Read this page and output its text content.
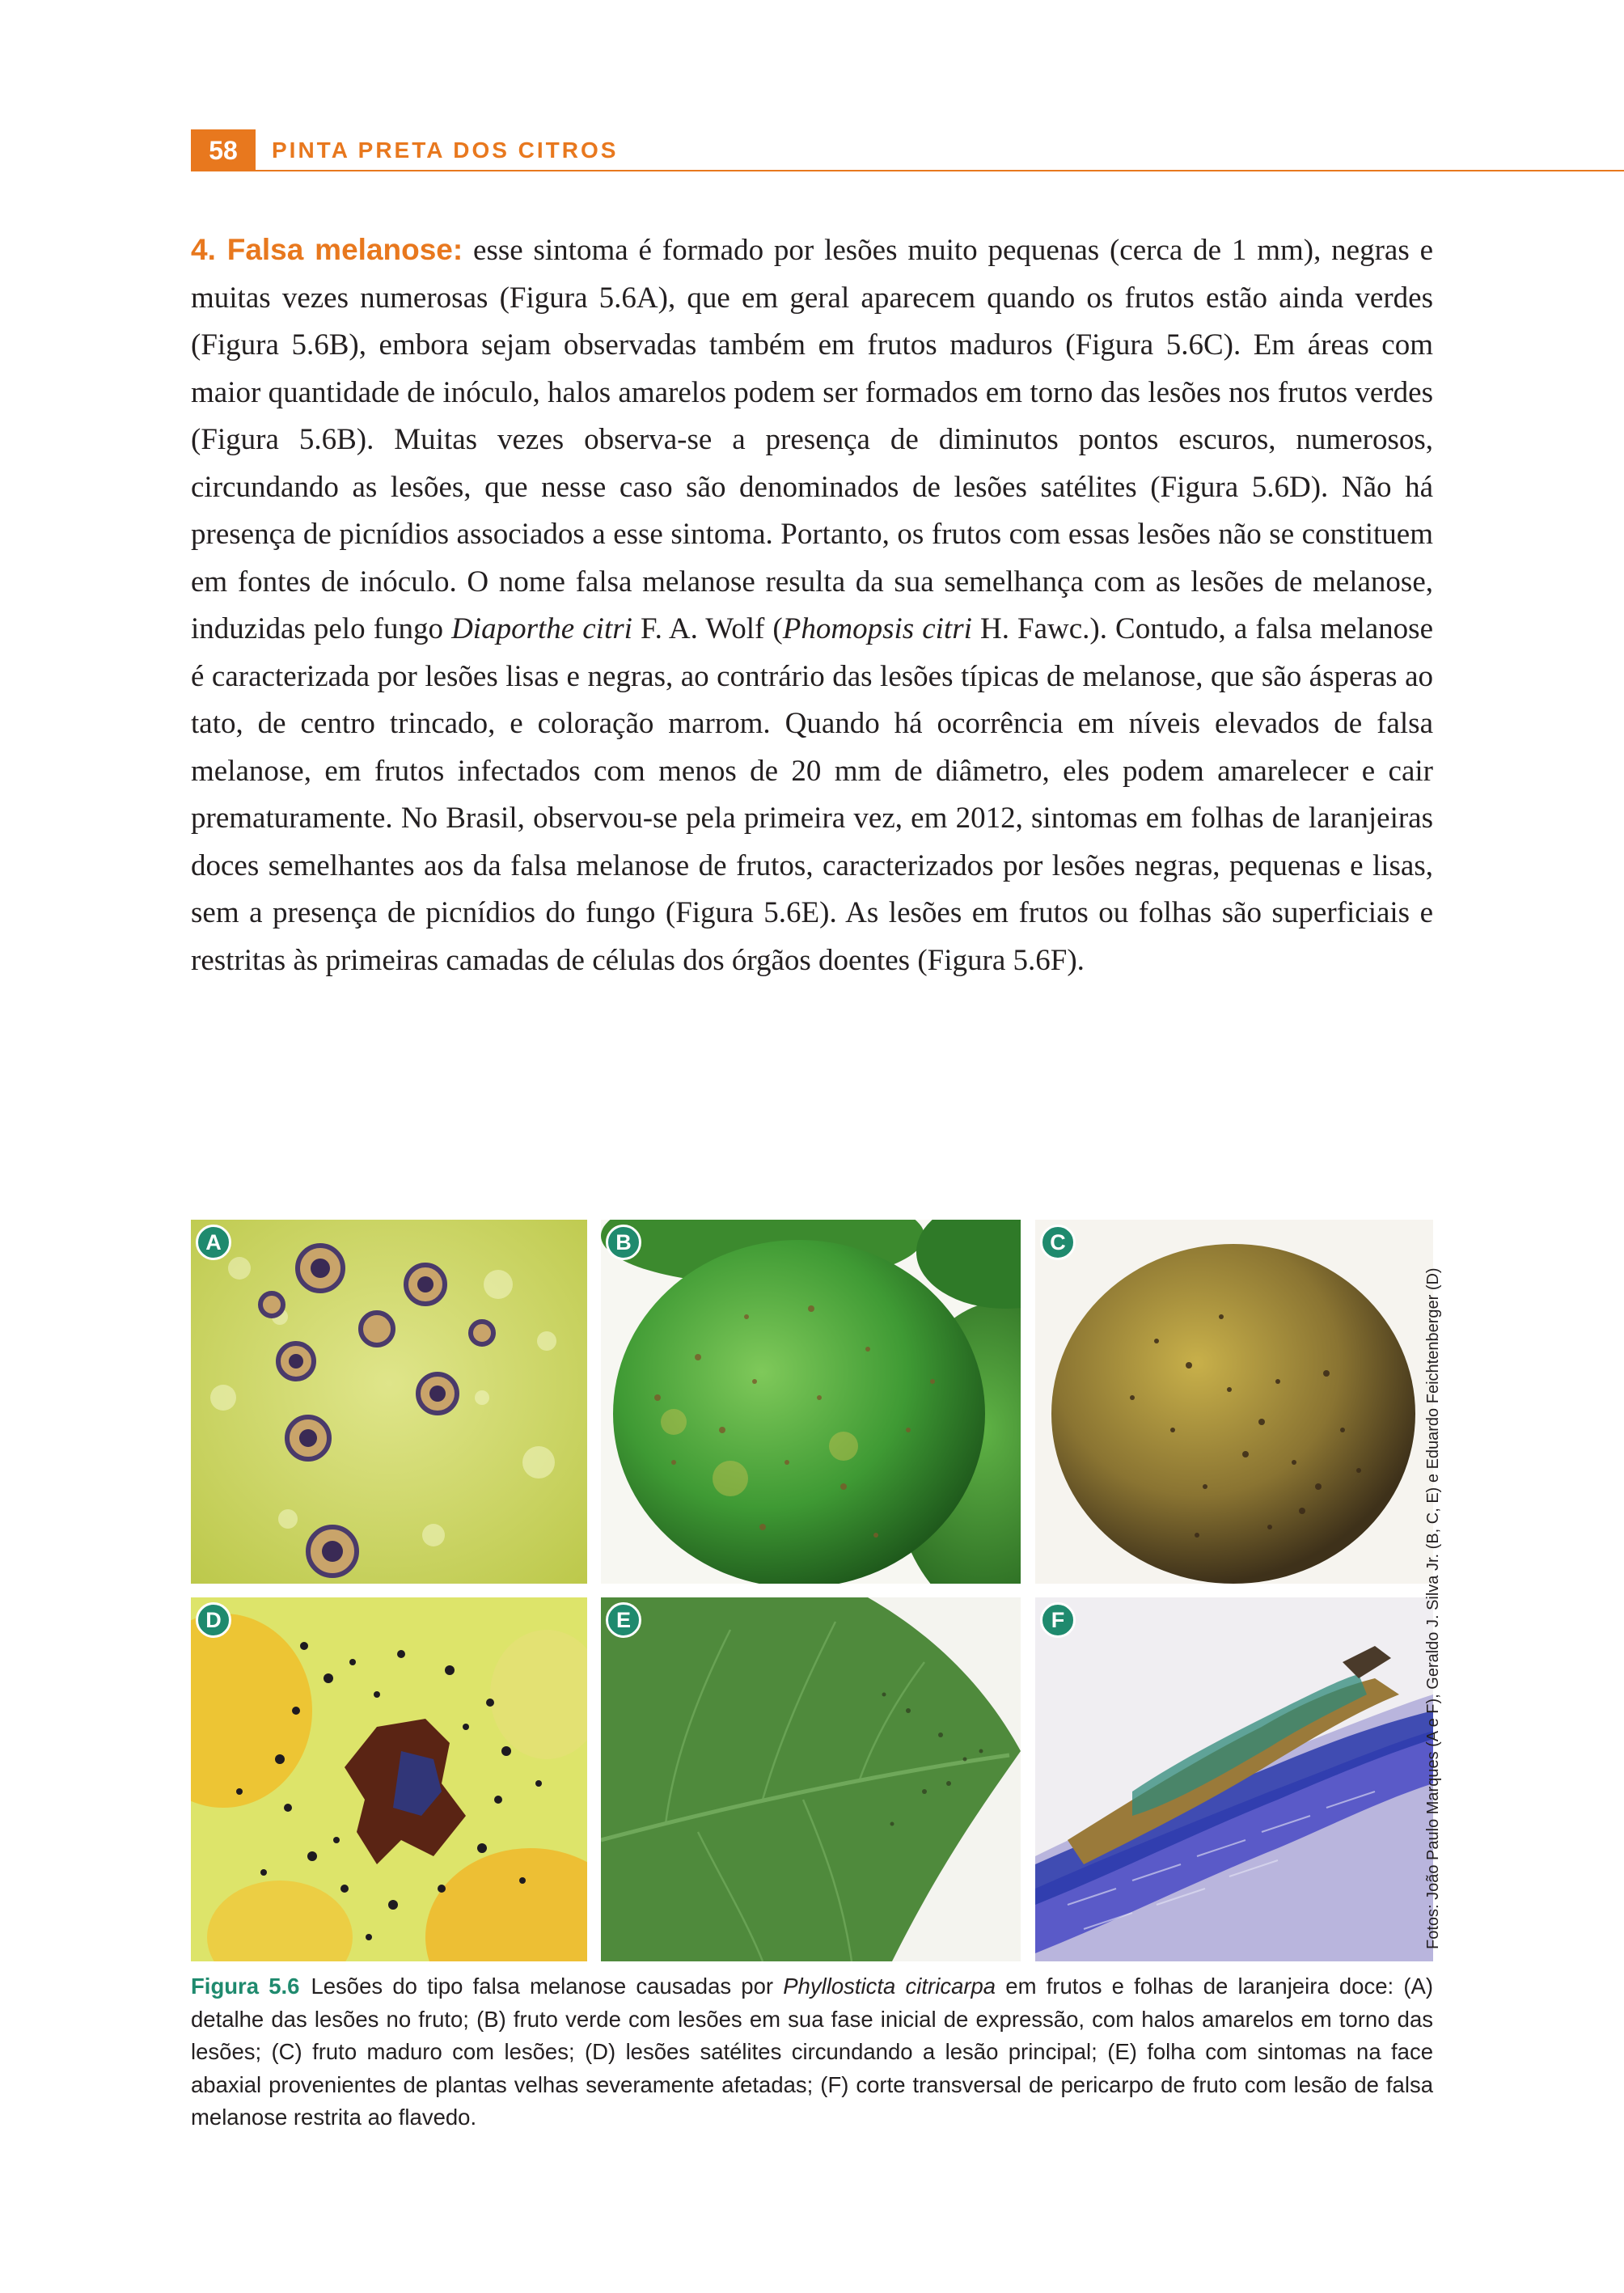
58	PINTA PRETA DOS CITROS

4. Falsa melanose: esse sintoma é formado por lesões muito pequenas (cerca de 1 mm), negras e muitas vezes numerosas (Figura 5.6A), que em geral aparecem quando os frutos estão ainda verdes (Figura 5.6B), embora sejam observadas também em frutos maduros (Figura 5.6C). Em áreas com maior quantidade de inóculo, halos amarelos podem ser formados em torno das lesões nos frutos verdes (Figura 5.6B). Muitas vezes observa-se a presença de diminutos pontos escuros, numerosos, circundando as lesões, que nesse caso são denominados de lesões satélites (Figura 5.6D). Não há presença de picnídios associados a esse sintoma. Portanto, os frutos com essas lesões não se constituem em fontes de inóculo. O nome falsa melanose resulta da sua semelhança com as lesões de melanose, induzidas pelo fungo Diaporthe citri F. A. Wolf (Phomopsis citri H. Fawc.). Contudo, a falsa melanose é caracterizada por lesões lisas e negras, ao contrário das lesões típicas de melanose, que são ásperas ao tato, de centro trincado, e coloração marrom. Quando há ocorrência em níveis elevados de falsa melanose, em frutos infectados com menos de 20 mm de diâmetro, eles podem amarelecer e cair prematuramente. No Brasil, observou-se pela primeira vez, em 2012, sintomas em folhas de laranjeiras doces semelhantes aos da falsa melanose de frutos, caracterizados por lesões negras, pequenas e lisas, sem a presença de picnídios do fungo (Figura 5.6E). As lesões em frutos ou folhas são superficiais e restritas às primeiras camadas de células dos órgãos doentes (Figura 5.6F).

A	B	C
D	E	F	Fotos: João Paulo Marques (A e F), Geraldo J. Silva Jr. (B, C, E) e Eduardo Feichtenberger (D)

Figura 5.6 Lesões do tipo falsa melanose causadas por Phyllosticta citricarpa em frutos e folhas de laranjeira doce: (A) detalhe das lesões no fruto; (B) fruto verde com lesões em sua fase inicial de expressão, com halos amarelos em torno das lesões; (C) fruto maduro com lesões; (D) lesões satélites circundando a lesão principal; (E) folha com sintomas na face abaxial provenientes de plantas velhas severamente afetadas; (F) corte transversal de pericarpo de fruto com lesão de falsa melanose restrita ao flavedo.
